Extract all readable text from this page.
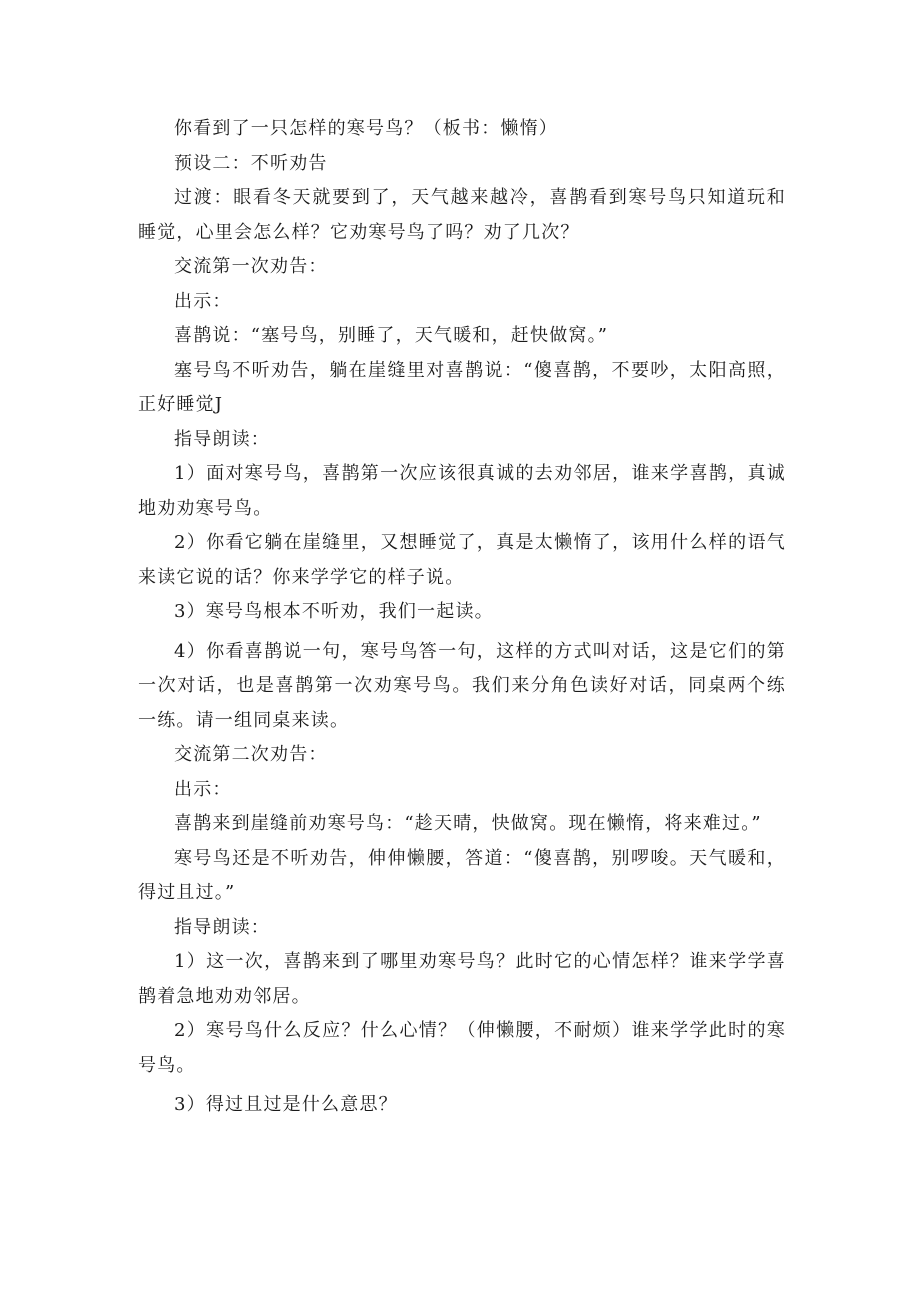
你看到了一只怎样的寒号鸟？（板书：懒惰）

预设二：不听劝告

过渡：眼看冬天就要到了，天气越来越冷，喜鹊看到寒号鸟只知道玩和睡觉，心里会怎么样？它劝寒号鸟了吗？劝了几次？

交流第一次劝告：

出示：

喜鹊说：“塞号鸟，别睡了，天气暖和，赶快做窝。”

塞号鸟不听劝告，躺在崖缝里对喜鹊说：“傻喜鹊，不要吵，太阳高照，正好睡觉J

指导朗读：

1）面对寒号鸟，喜鹊第一次应该很真诚的去劝邻居，谁来学喜鹊，真诚地劝劝寒号鸟。

2）你看它躺在崖缝里，又想睡觉了，真是太懒惰了，该用什么样的语气来读它说的话？你来学学它的样子说。

3）寒号鸟根本不听劝，我们一起读。

4）你看喜鹊说一句，寒号鸟答一句，这样的方式叫对话，这是它们的第一次对话，也是喜鹊第一次劝寒号鸟。我们来分角色读好对话，同桌两个练一练。请一组同桌来读。

交流第二次劝告：

出示：

喜鹊来到崖缝前劝寒号鸟：“趁天晴，快做窝。现在懒惰，将来难过。”

寒号鸟还是不听劝告，伸伸懒腰，答道：“傻喜鹊，别啰唆。天气暖和，得过且过。”

指导朗读：

1）这一次，喜鹊来到了哪里劝寒号鸟？此时它的心情怎样？谁来学学喜鹊着急地劝劝邻居。

2）寒号鸟什么反应？什么心情？（伸懒腰，不耐烦）谁来学学此时的寒号鸟。

3）得过且过是什么意思？
